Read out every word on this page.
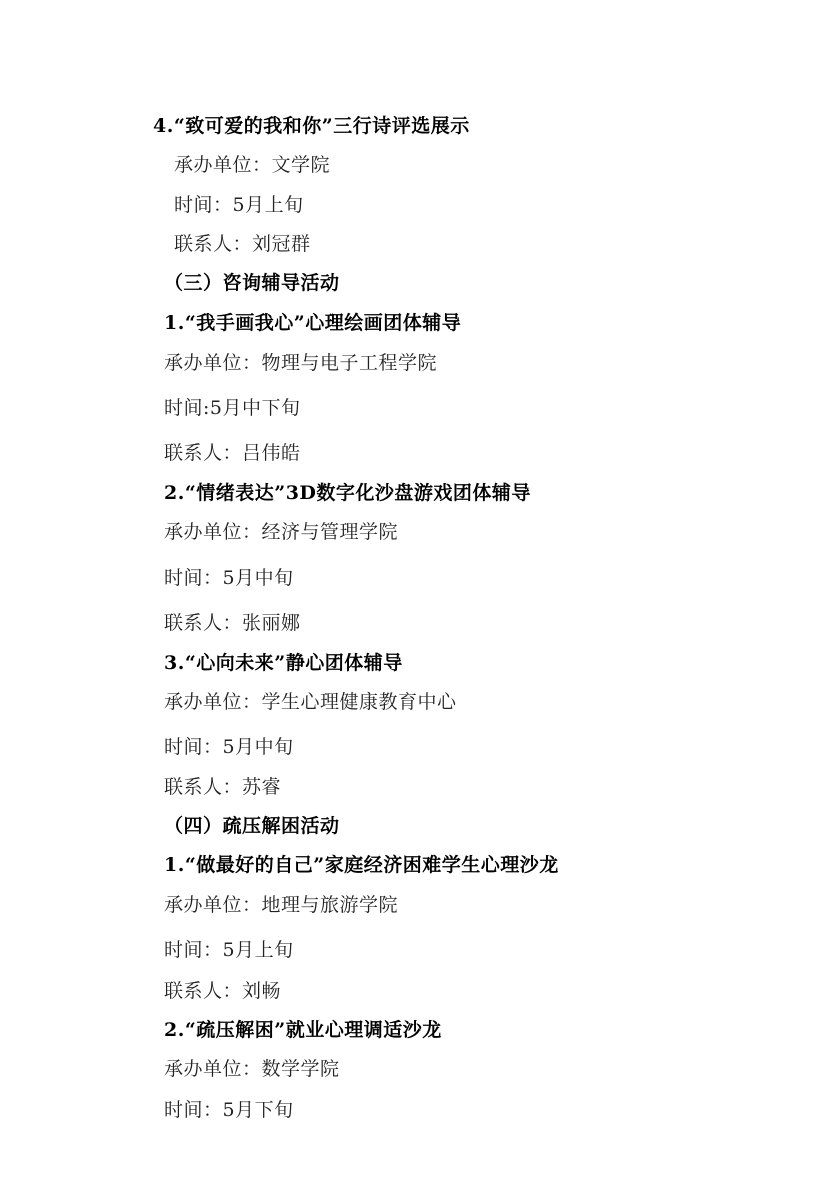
4.“致可爱的我和你”三行诗评选展示
承办单位：文学院
时间：5月上旬
联系人：刘冠群
（三）咨询辅导活动
1.“我手画我心”心理绘画团体辅导
承办单位：物理与电子工程学院
时间:5月中下旬
联系人：吕伟皓
2.“情绪表达”3D数字化沙盘游戏团体辅导
承办单位：经济与管理学院
时间：5月中旬
联系人：张丽娜
3.“心向未来”静心团体辅导
承办单位：学生心理健康教育中心
时间：5月中旬
联系人：苏睿
（四）疏压解困活动
1.“做最好的自己”家庭经济困难学生心理沙龙
承办单位：地理与旅游学院
时间：5月上旬
联系人：刘畅
2.“疏压解困”就业心理调适沙龙
承办单位：数学学院
时间：5月下旬
